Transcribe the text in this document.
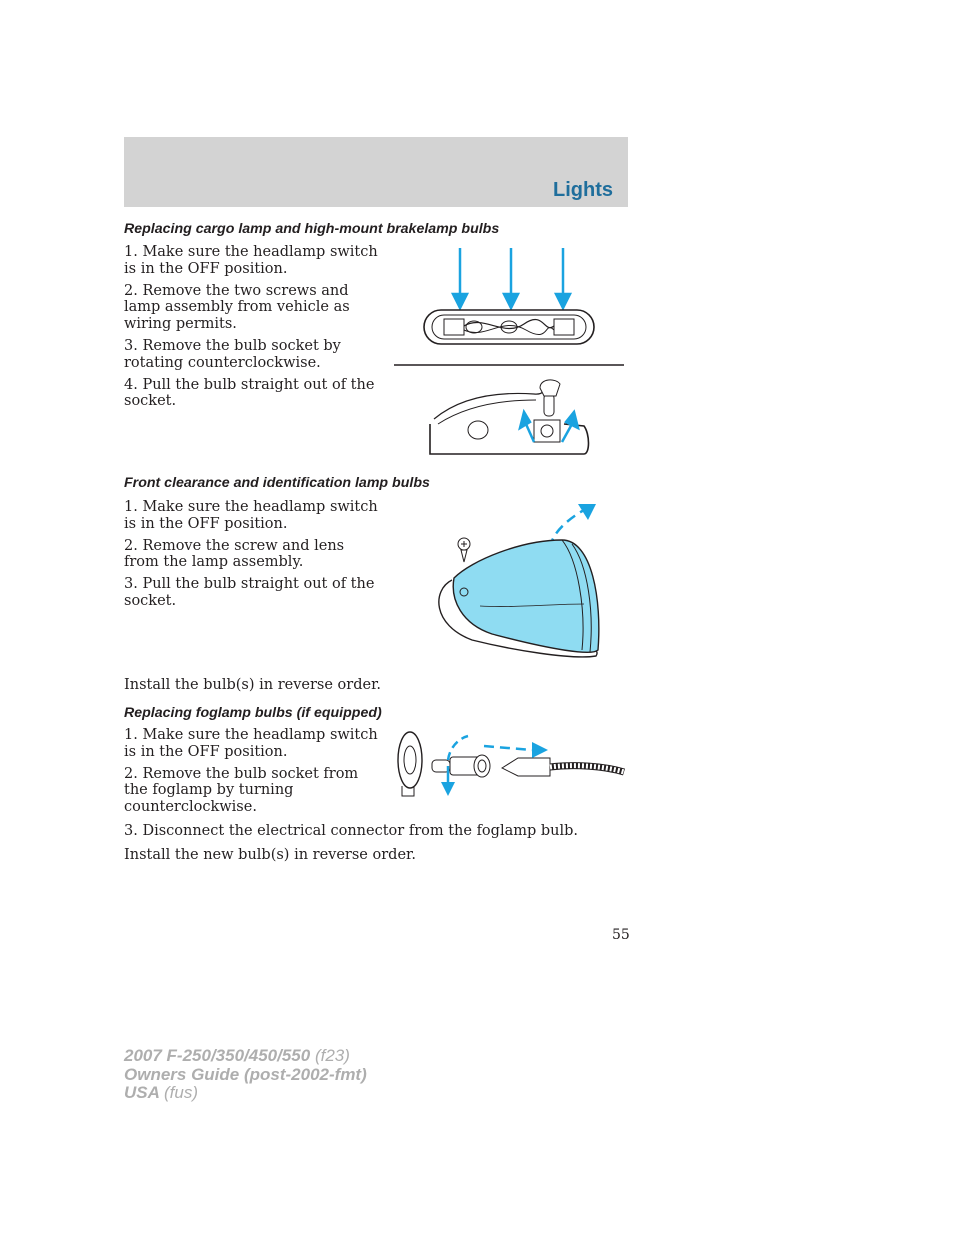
Lights
Replacing cargo lamp and high-mount brakelamp bulbs
1. Make sure the headlamp switch is in the OFF position.
2. Remove the two screws and lamp assembly from vehicle as wiring permits.
3. Remove the bulb socket by rotating counterclockwise.
4. Pull the bulb straight out of the socket.
Front clearance and identification lamp bulbs
1. Make sure the headlamp switch is in the OFF position.
2. Remove the screw and lens from the lamp assembly.
3. Pull the bulb straight out of the socket.
Install the bulb(s) in reverse order.
Replacing foglamp bulbs (if equipped)
1. Make sure the headlamp switch is in the OFF position.
2. Remove the bulb socket from the foglamp by turning counterclockwise.
3. Disconnect the electrical connector from the foglamp bulb.
Install the new bulb(s) in reverse order.
55
2007 F-250/350/450/550 (f23)
Owners Guide (post-2002-fmt)
USA (fus)
